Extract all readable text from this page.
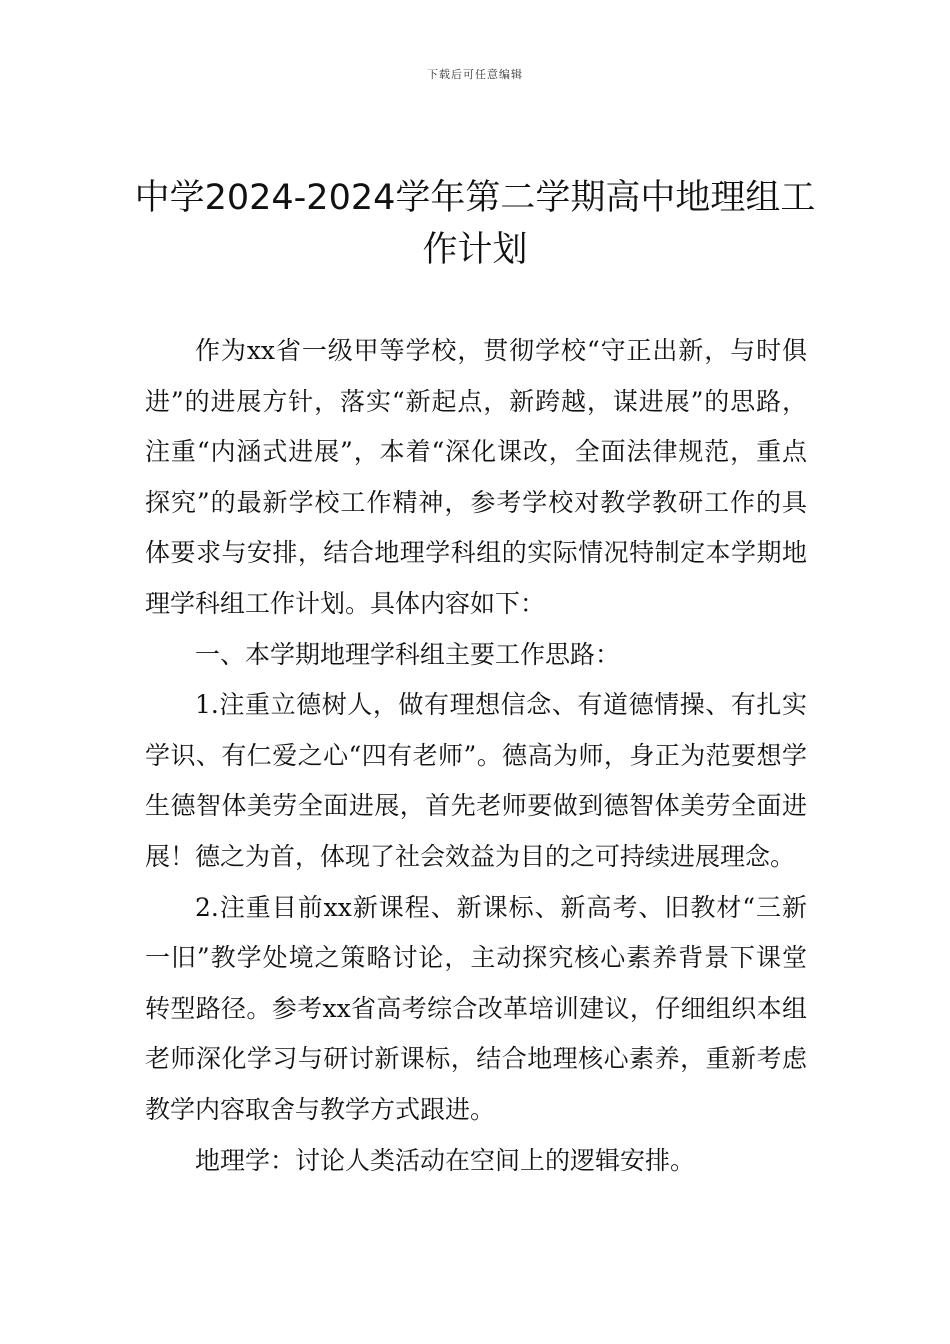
下载后可任意编辑
中学2024-2024学年第二学期高中地理组工作计划

作为xx省一级甲等学校，贯彻学校“守正出新，与时俱进”的进展方针，落实“新起点，新跨越，谋进展”的思路，注重“内涵式进展”，本着“深化课改，全面法律规范，重点探究”的最新学校工作精神，参考学校对教学教研工作的具体要求与安排，结合地理学科组的实际情况特制定本学期地理学科组工作计划。具体内容如下：

一、本学期地理学科组主要工作思路：

1.注重立德树人，做有理想信念、有道德情操、有扎实学识、有仁爱之心“四有老师”。德高为师，身正为范要想学生德智体美劳全面进展，首先老师要做到德智体美劳全面进展！德之为首，体现了社会效益为目的之可持续进展理念。

2.注重目前xx新课程、新课标、新高考、旧教材“三新一旧”教学处境之策略讨论，主动探究核心素养背景下课堂转型路径。参考xx省高考综合改革培训建议，仔细组织本组老师深化学习与研讨新课标，结合地理核心素养，重新考虑教学内容取舍与教学方式跟进。

地理学：讨论人类活动在空间上的逻辑安排。
